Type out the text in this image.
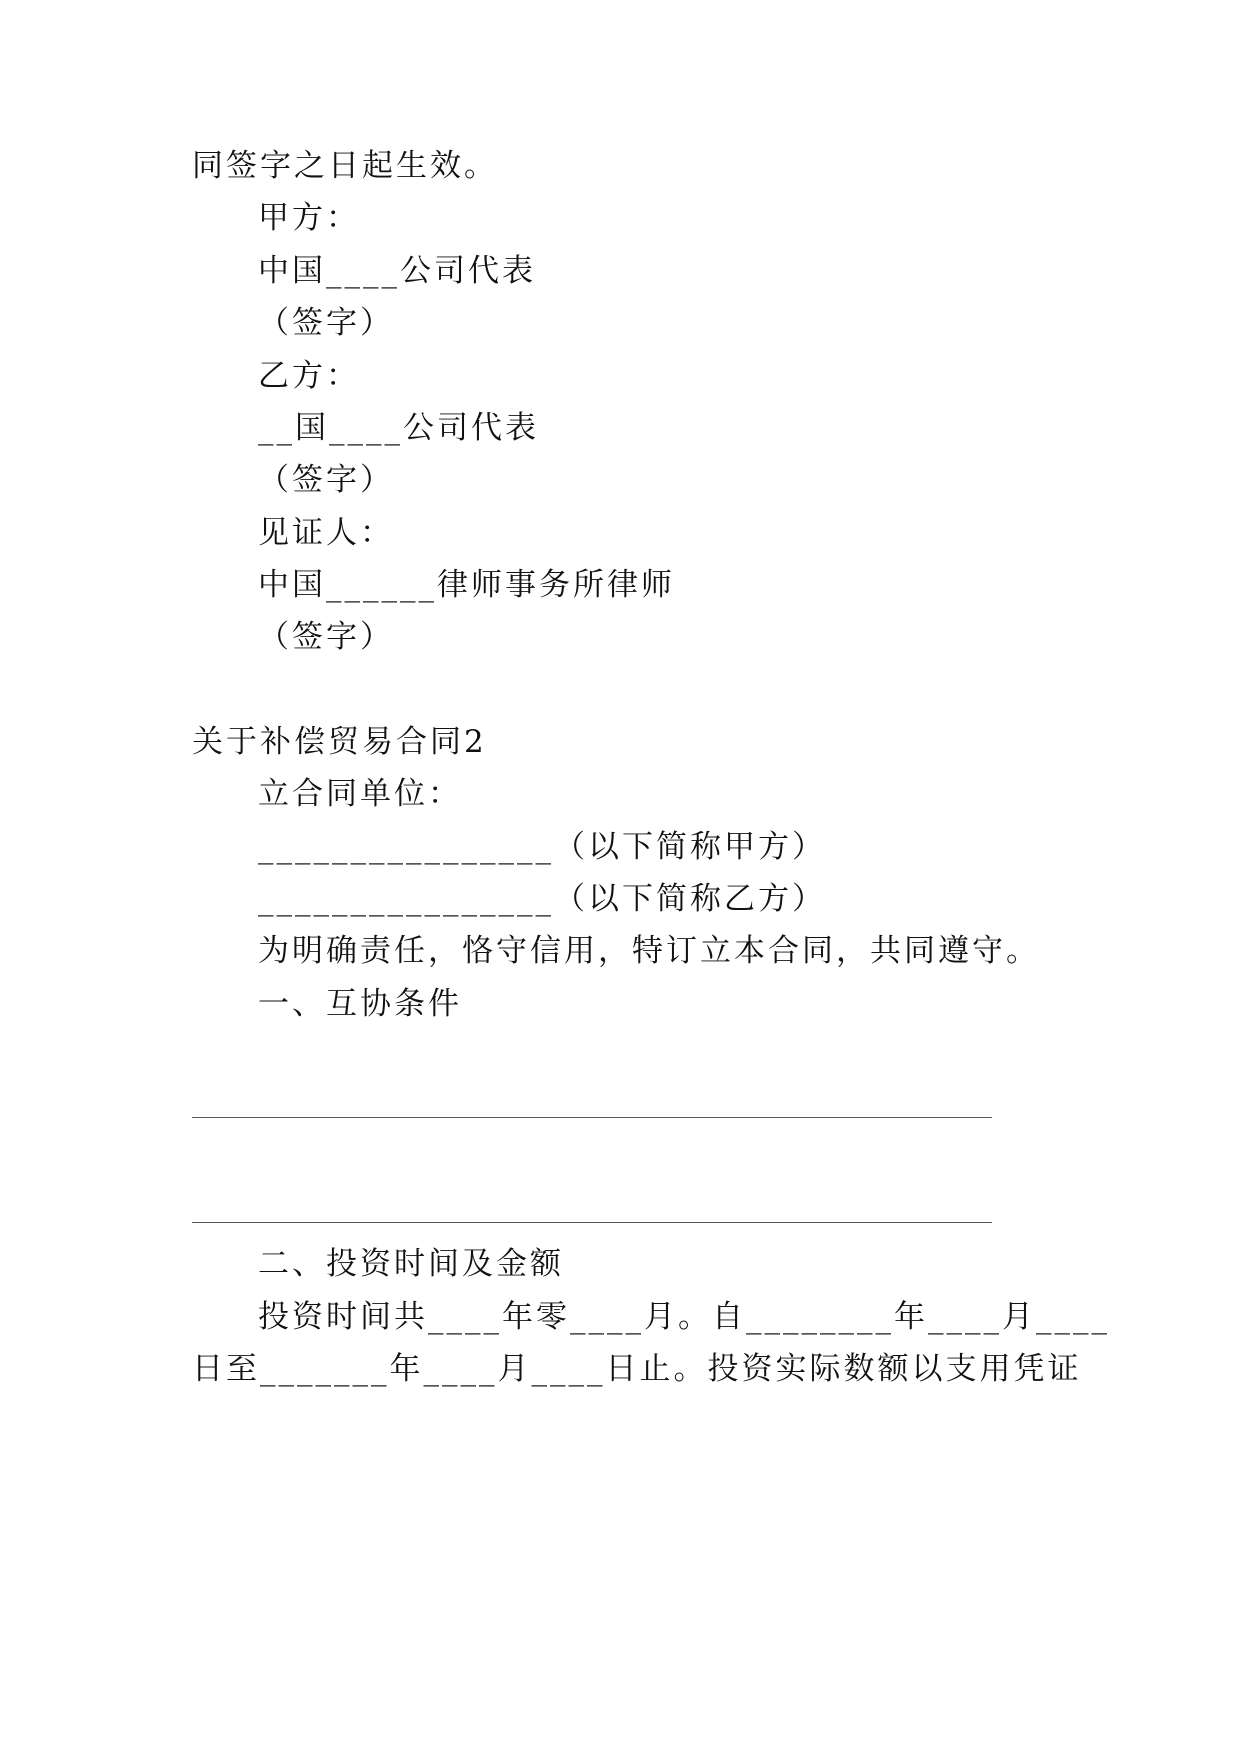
同签字之日起生效。

甲方：

中国____公司代表

（签字）

乙方：

__国____公司代表

（签字）

见证人：

中国______律师事务所律师

（签字）

关于补偿贸易合同2

立合同单位：

________________（以下简称甲方）

________________（以下简称乙方）

为明确责任，恪守信用，特订立本合同，共同遵守。

一、互协条件

二、投资时间及金额

投资时间共____年零____月。自________年____月____

日至_______年____月____日止。投资实际数额以支用凭证
